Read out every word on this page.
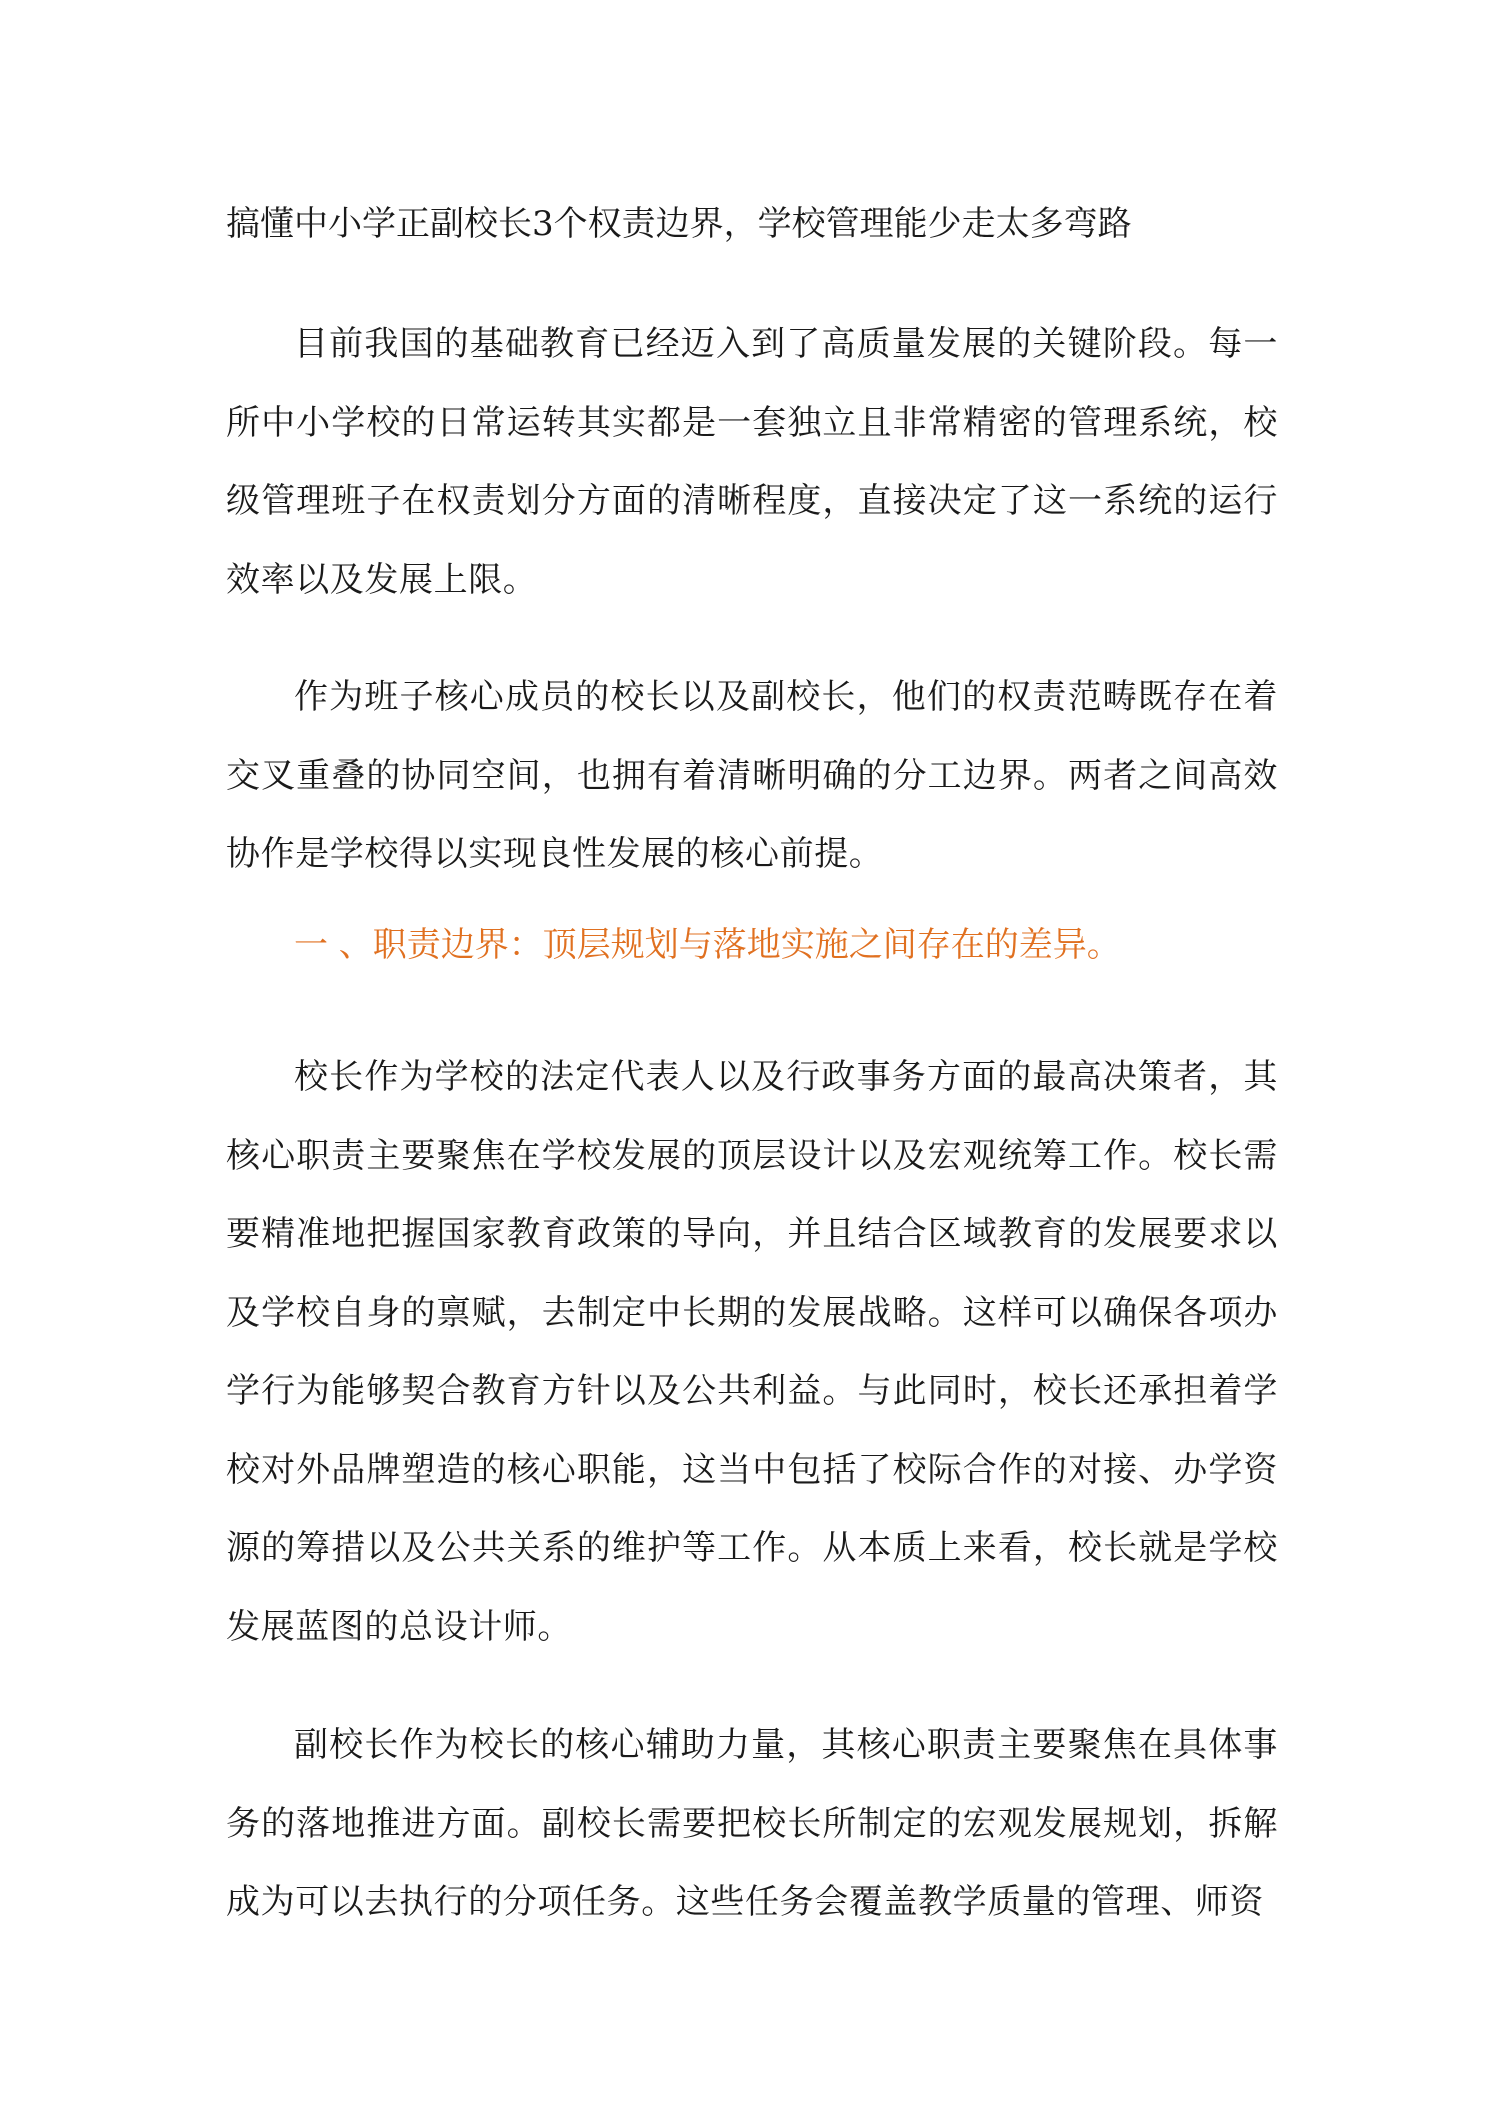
搞懂中小学正副校长3个权责边界，学校管理能少走太多弯路

目前我国的基础教育已经迈入到了高质量发展的关键阶段。每一所中小学校的日常运转其实都是一套独立且非常精密的管理系统，校级管理班子在权责划分方面的清晰程度，直接决定了这一系统的运行效率以及发展上限。

作为班子核心成员的校长以及副校长，他们的权责范畴既存在着交叉重叠的协同空间，也拥有着清晰明确的分工边界。两者之间高效协作是学校得以实现良性发展的核心前提。

一 、职责边界：顶层规划与落地实施之间存在的差异。

校长作为学校的法定代表人以及行政事务方面的最高决策者，其核心职责主要聚焦在学校发展的顶层设计以及宏观统筹工作。校长需要精准地把握国家教育政策的导向，并且结合区域教育的发展要求以及学校自身的禀赋，去制定中长期的发展战略。这样可以确保各项办学行为能够契合教育方针以及公共利益。与此同时，校长还承担着学校对外品牌塑造的核心职能，这当中包括了校际合作的对接、办学资源的筹措以及公共关系的维护等工作。从本质上来看，校长就是学校发展蓝图的总设计师。

副校长作为校长的核心辅助力量，其核心职责主要聚焦在具体事务的落地推进方面。副校长需要把校长所制定的宏观发展规划，拆解成为可以去执行的分项任务。这些任务会覆盖教学质量的管理、师资
